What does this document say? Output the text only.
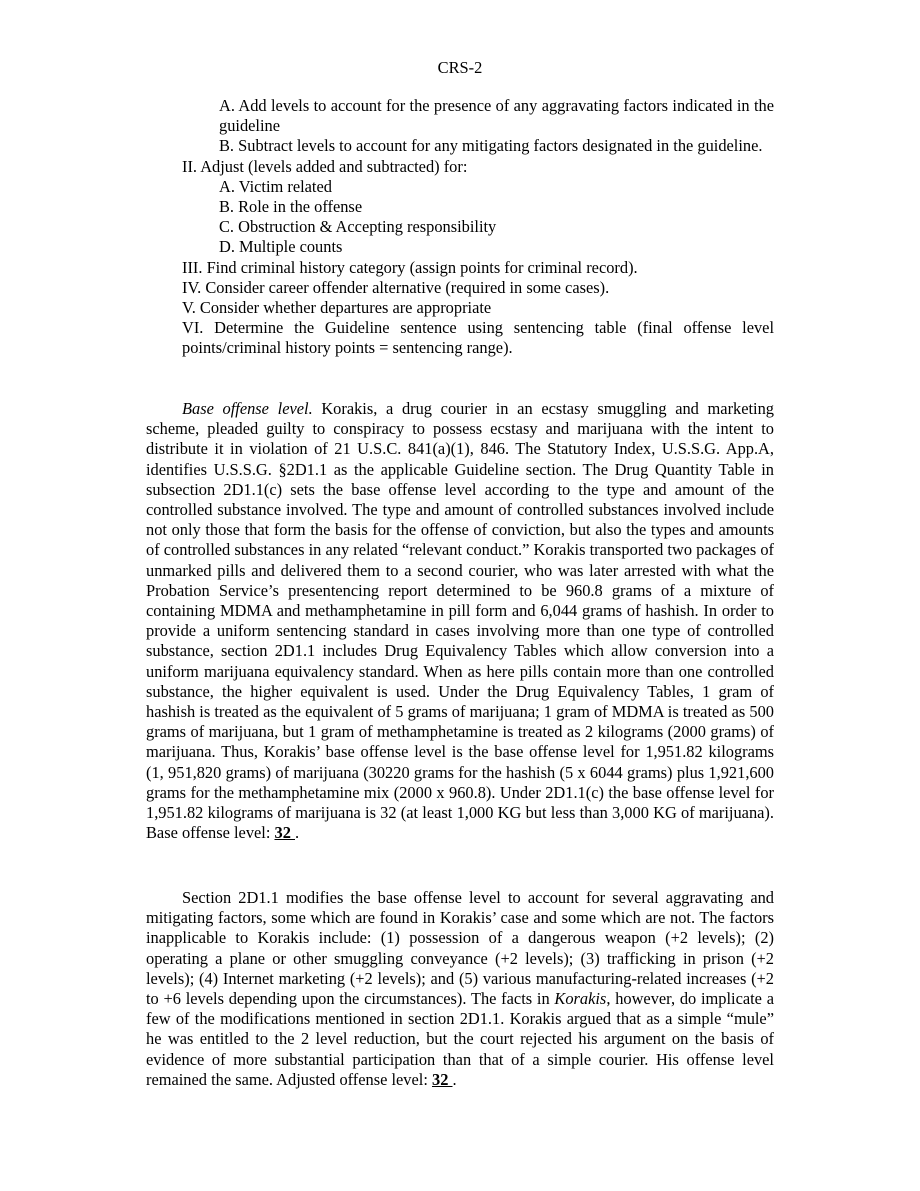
CRS-2
A. Add levels to account for the presence of any aggravating factors indicated in the guideline
B. Subtract levels to account for any mitigating factors designated in the guideline.
II. Adjust (levels added and subtracted) for:
A. Victim related
B. Role in the offense
C. Obstruction & Accepting responsibility
D. Multiple counts
III. Find criminal history category (assign points for criminal record).
IV. Consider career offender alternative (required in some cases).
V. Consider whether departures are appropriate
VI. Determine the Guideline sentence using sentencing table (final offense level points/criminal history points = sentencing range).
Base offense level. Korakis, a drug courier in an ecstasy smuggling and marketing scheme, pleaded guilty to conspiracy to possess ecstasy and marijuana with the intent to distribute it in violation of 21 U.S.C. 841(a)(1), 846. The Statutory Index, U.S.S.G. App.A, identifies U.S.S.G. §2D1.1 as the applicable Guideline section. The Drug Quantity Table in subsection 2D1.1(c) sets the base offense level according to the type and amount of the controlled substance involved. The type and amount of controlled substances involved include not only those that form the basis for the offense of conviction, but also the types and amounts of controlled substances in any related “relevant conduct.” Korakis transported two packages of unmarked pills and delivered them to a second courier, who was later arrested with what the Probation Service’s presentencing report determined to be 960.8 grams of a mixture of containing MDMA and methamphetamine in pill form and 6,044 grams of hashish. In order to provide a uniform sentencing standard in cases involving more than one type of controlled substance, section 2D1.1 includes Drug Equivalency Tables which allow conversion into a uniform marijuana equivalency standard. When as here pills contain more than one controlled substance, the higher equivalent is used. Under the Drug Equivalency Tables, 1 gram of hashish is treated as the equivalent of 5 grams of marijuana; 1 gram of MDMA is treated as 500 grams of marijuana, but 1 gram of methamphetamine is treated as 2 kilograms (2000 grams) of marijuana. Thus, Korakis’ base offense level is the base offense level for 1,951.82 kilograms (1, 951,820 grams) of marijuana (30220 grams for the hashish (5 x 6044 grams) plus 1,921,600 grams for the methamphetamine mix (2000 x 960.8). Under 2D1.1(c) the base offense level for 1,951.82 kilograms of marijuana is 32 (at least 1,000 KG but less than 3,000 KG of marijuana). Base offense level: 32 .
Section 2D1.1 modifies the base offense level to account for several aggravating and mitigating factors, some which are found in Korakis’ case and some which are not. The factors inapplicable to Korakis include: (1) possession of a dangerous weapon (+2 levels); (2) operating a plane or other smuggling conveyance (+2 levels); (3) trafficking in prison (+2 levels); (4) Internet marketing (+2 levels); and (5) various manufacturing-related increases (+2 to +6 levels depending upon the circumstances). The facts in Korakis, however, do implicate a few of the modifications mentioned in section 2D1.1. Korakis argued that as a simple “mule” he was entitled to the 2 level reduction, but the court rejected his argument on the basis of evidence of more substantial participation than that of a simple courier. His offense level remained the same. Adjusted offense level: 32 .
